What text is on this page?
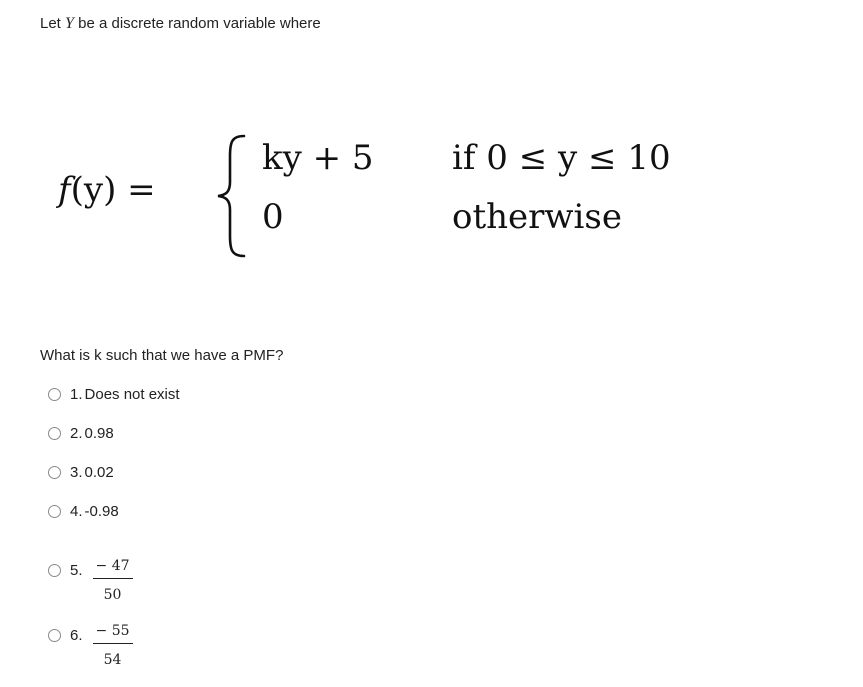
Let Y be a discrete random variable where
f(y) =
ky + 5 if 0 ≤ y ≤ 10
0	otherwise
What is k such that we have a PMF?
1. Does not exist
2. 0.98
3. 0.02
4. -0.98
5. $\frac{- 47}{50}$
6. $\frac{- 55}{54}$
